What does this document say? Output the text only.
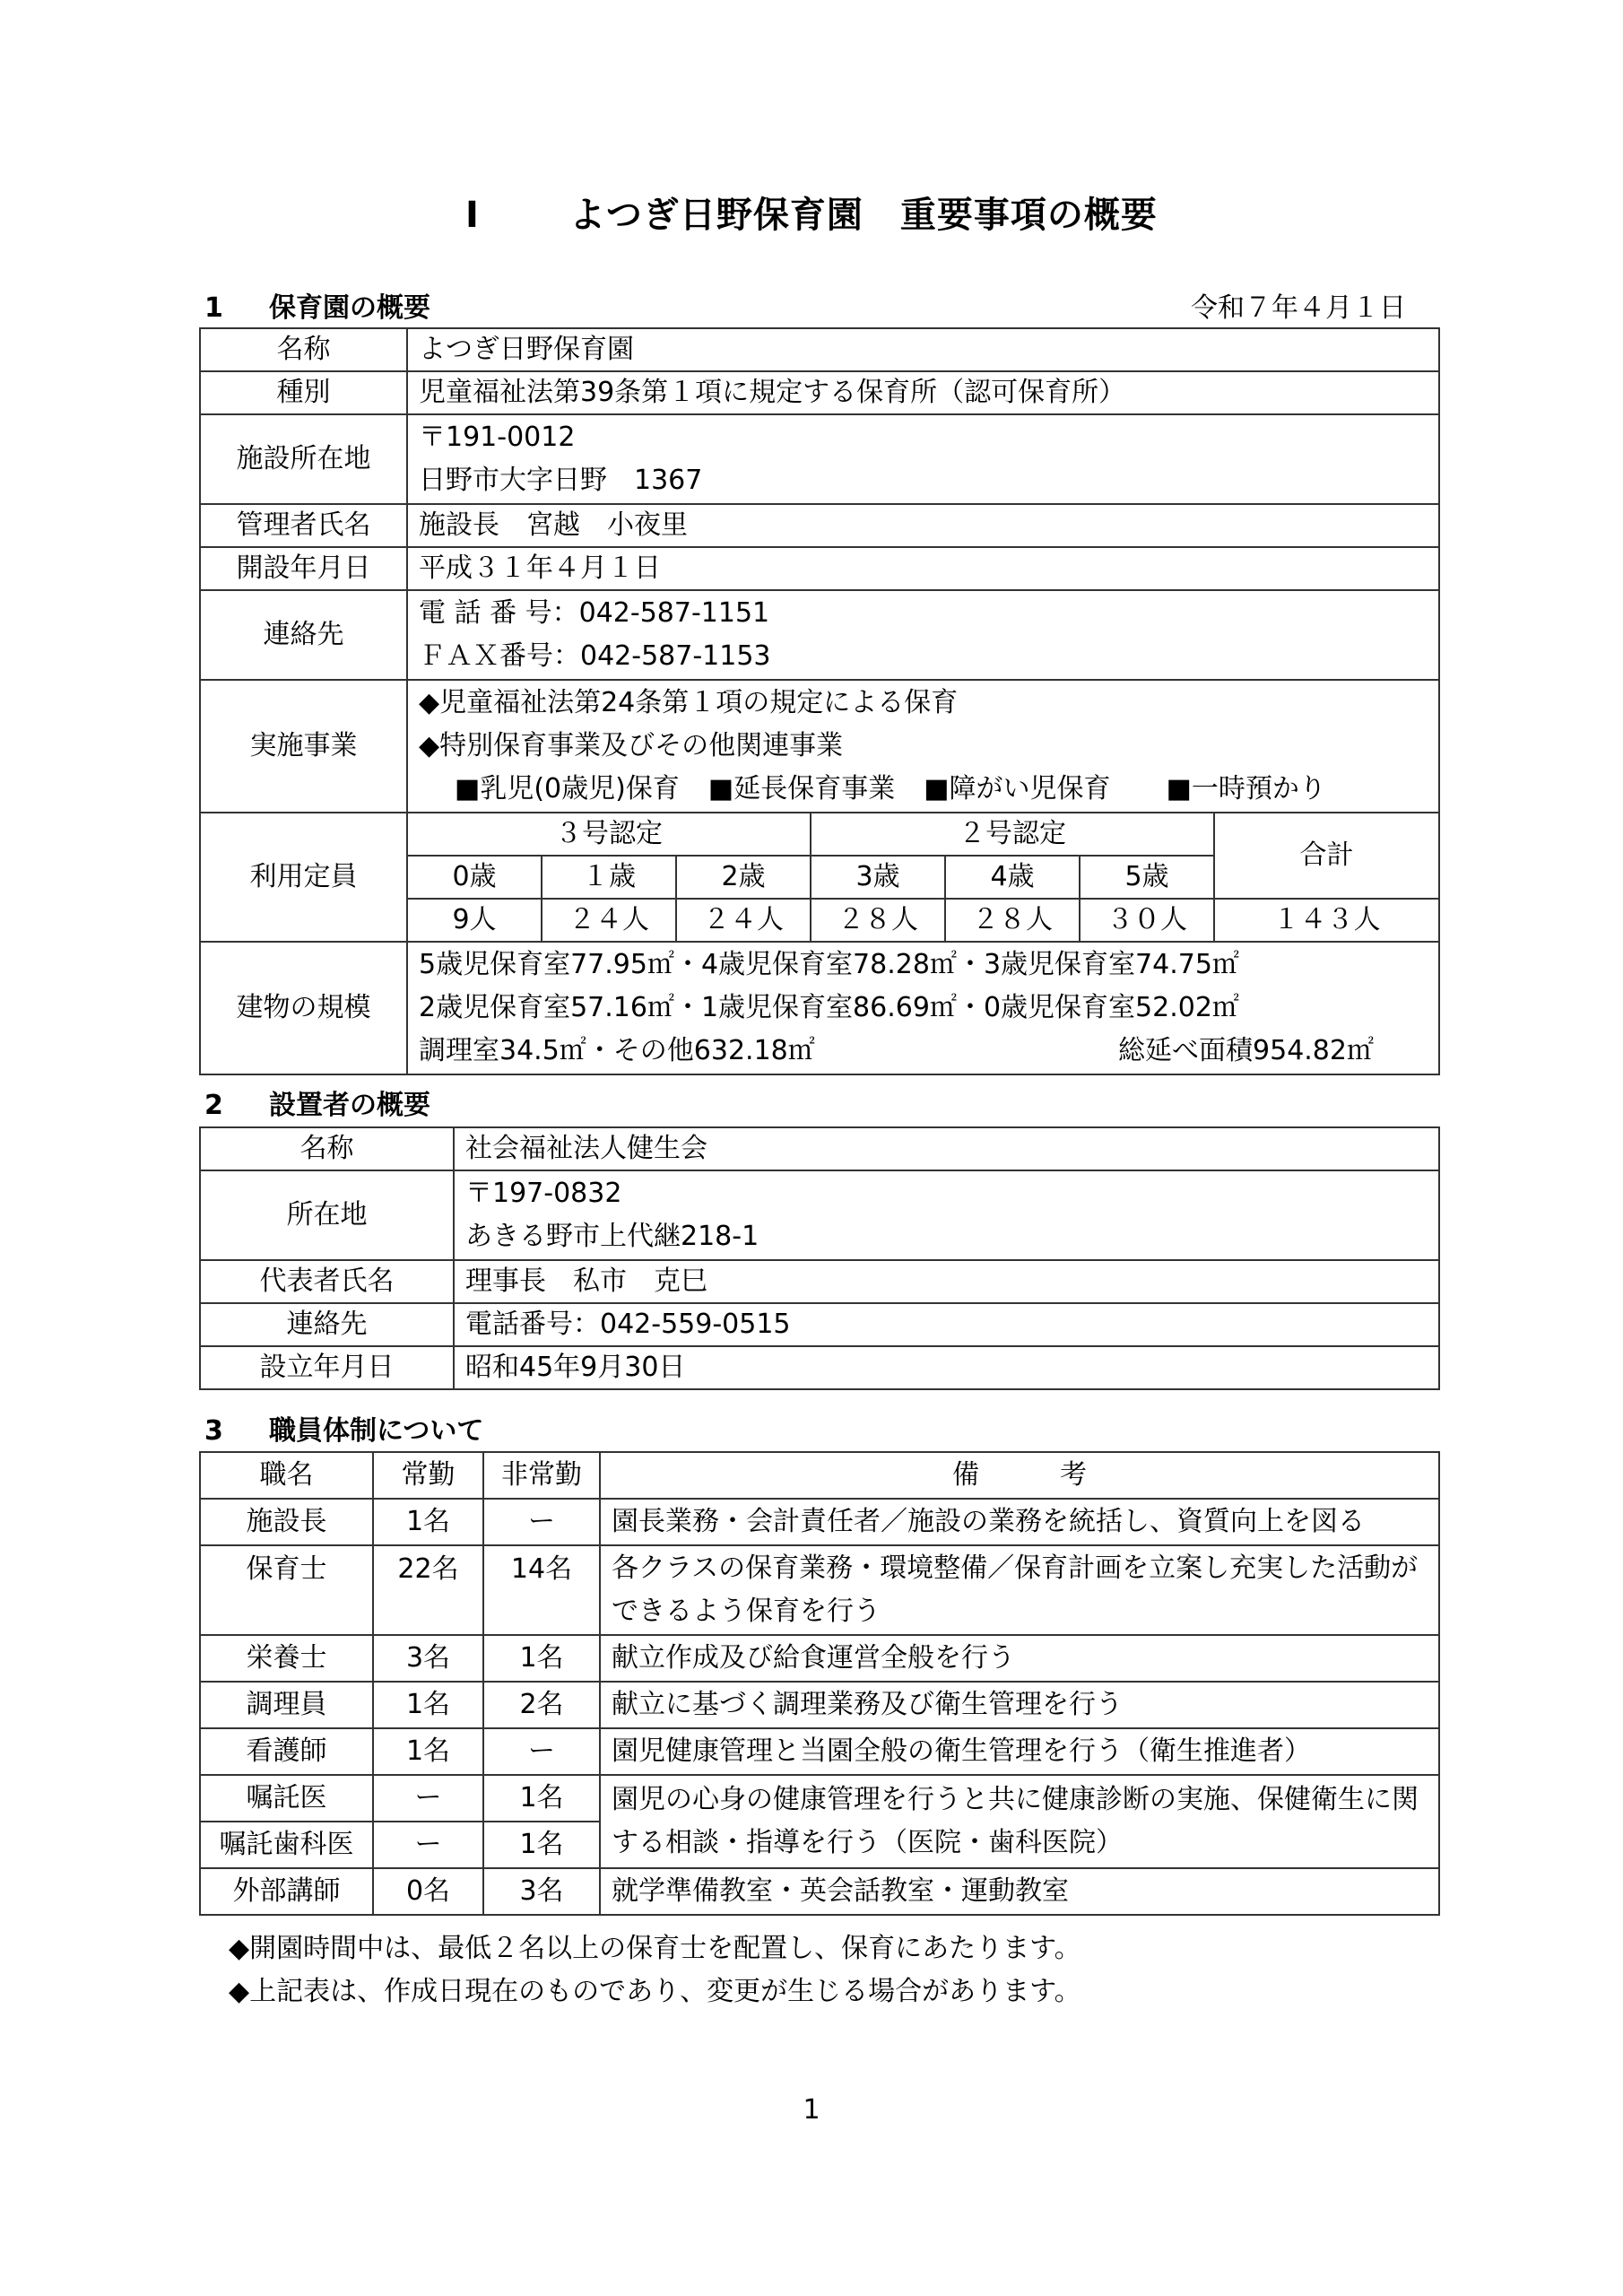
Ⅰ	よつぎ日野保育園　重要事項の概要
1 保育園の概要	令和７年４月１日
名称	よつぎ日野保育園						
種別	児童福祉法第39条第１項に規定する保育所（認可保育所）						
施設所在地	〒191-0012
日野市大字日野　1367						

管理者氏名	施設長　宮越　小夜里						
開設年月日	平成３１年４月１日						
連絡先	電 話 番 号：042-587-1151
ＦＡＸ番号：042-587-1153						

実施事業	◆児童福祉法第24条第１項の規定による保育
◆特別保育事業及びその他関連事業
■乳児(0歳児)保育 ■延長保育事業 ■障がい児保育 ■一時預かり						

利用定員	３号認定			２号認定			合計
	0歳	１歳	2歳	3歳	4歳	5歳	
	9人	２４人	２４人	２８人	２８人	３０人	１４３人
建物の規模	5歳児保育室77.95㎡・4歳児保育室78.28㎡・3歳児保育室74.75㎡
2歳児保育室57.16㎡・1歳児保育室86.69㎡・0歳児保育室52.02㎡
調理室34.5㎡・その他632.18㎡ 総延べ面積954.82㎡						
2 設置者の概要
名称	社会福祉法人健生会
所在地	〒197-0832
あきる野市上代継218-1

代表者氏名	理事長　私市　克巳
連絡先	電話番号：042-559-0515
設立年月日	昭和45年9月30日
3 職員体制について
職名	常勤	非常勤	備　　　考
施設長	1名	ー	園長業務・会計責任者／施設の業務を統括し、資質向上を図る
保育士	22名	14名	各クラスの保育業務・環境整備／保育計画を立案し充実した活動が
できるよう保育を行う

栄養士	3名	1名	献立作成及び給食運営全般を行う
調理員	1名	2名	献立に基づく調理業務及び衛生管理を行う
看護師	1名	ー	園児健康管理と当園全般の衛生管理を行う（衛生推進者）
嘱託医	ー	1名	園児の心身の健康管理を行うと共に健康診断の実施、保健衛生に関
する相談・指導を行う（医院・歯科医院）

嘱託歯科医	ー	1名	
外部講師	0名	3名	就学準備教室・英会話教室・運動教室
◆開園時間中は、最低２名以上の保育士を配置し、保育にあたります。
◆上記表は、作成日現在のものであり、変更が生じる場合があります。
1
